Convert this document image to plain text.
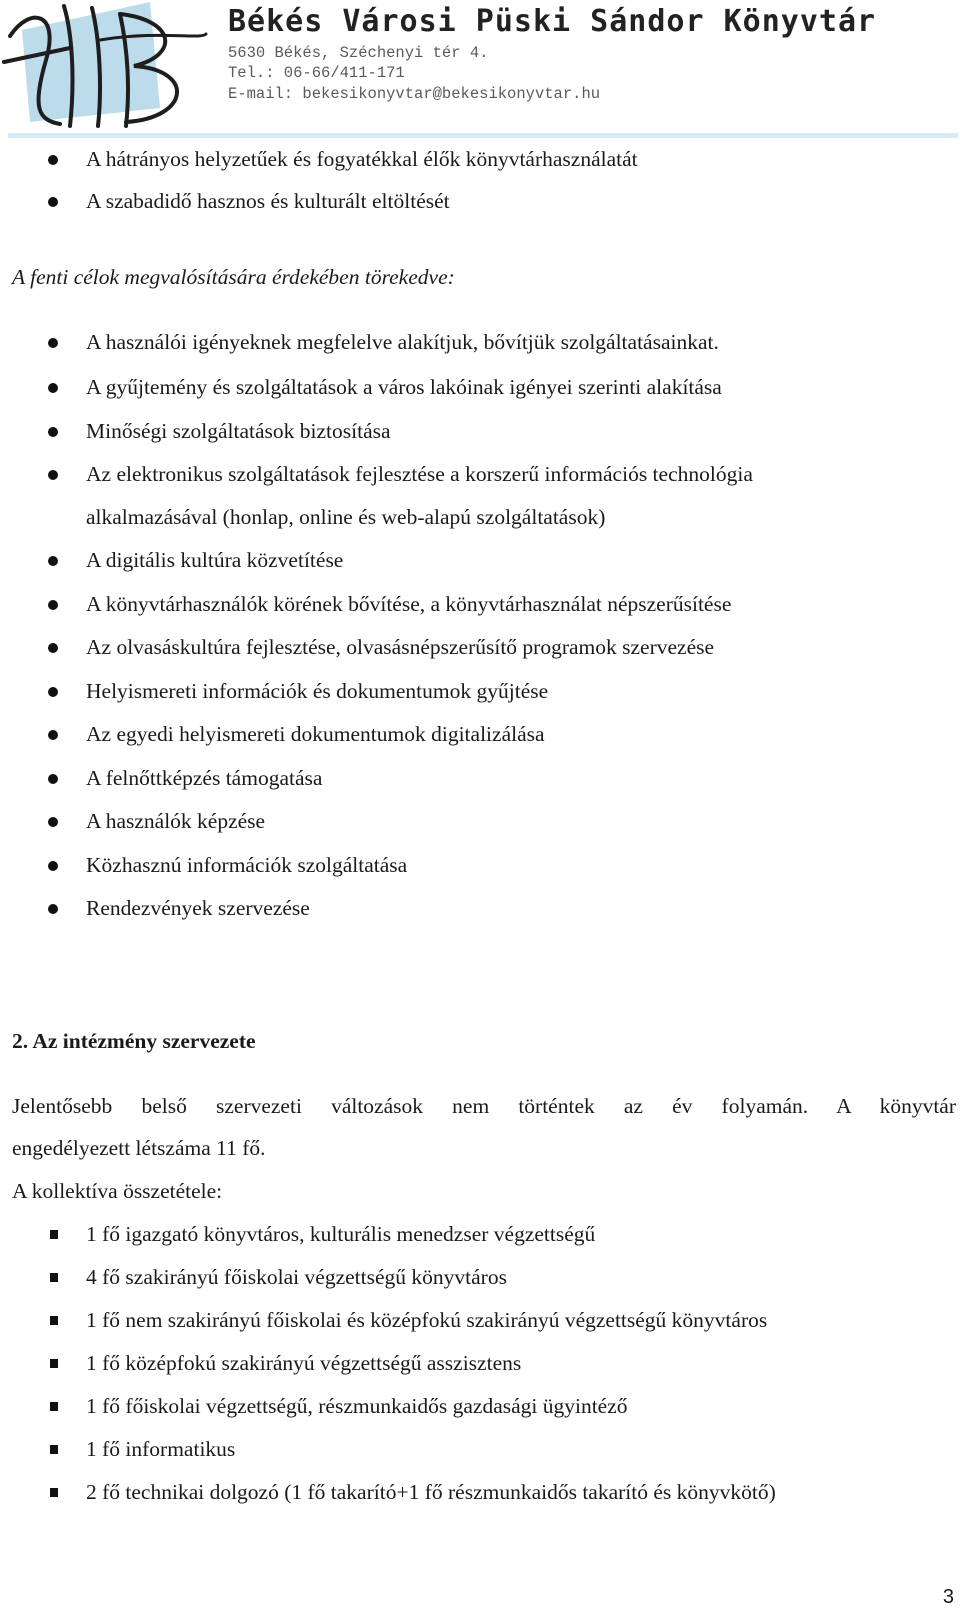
Békés Városi Püski Sándor Könyvtár
5630 Békés, Széchenyi tér 4.
Tel.: 06-66/411-171
E-mail: bekesikonyvtar@bekesikonyvtar.hu
A hátrányos helyzetűek és fogyatékkal élők könyvtárhasználatát
A szabadidő hasznos és kulturált eltöltését
A fenti célok megvalósítására érdekében törekedve:
A használói igényeknek megfelelve alakítjuk, bővítjük szolgáltatásainkat.
A gyűjtemény és szolgáltatások a város lakóinak igényei szerinti alakítása
Minőségi szolgáltatások biztosítása
Az elektronikus szolgáltatások fejlesztése a korszerű információs technológia
alkalmazásával (honlap, online és web-alapú szolgáltatások)
A digitális kultúra közvetítése
A könyvtárhasználók körének bővítése, a könyvtárhasználat népszerűsítése
Az olvasáskultúra fejlesztése, olvasásnépszerűsítő programok szervezése
Helyismereti információk és dokumentumok gyűjtése
Az egyedi helyismereti dokumentumok digitalizálása
A felnőttképzés támogatása
A használók képzése
Közhasznú információk szolgáltatása
Rendezvények szervezése
2. Az intézmény szervezete
Jelentősebb belső szervezeti változások nem történtek az év folyamán. A könyvtár
engedélyezett létszáma 11 fő.
A kollektíva összetétele:
1 fő igazgató könyvtáros, kulturális menedzser végzettségű
4 fő szakirányú főiskolai végzettségű könyvtáros
1 fő nem szakirányú főiskolai és középfokú szakirányú végzettségű könyvtáros
1 fő középfokú szakirányú végzettségű asszisztens
1 fő főiskolai végzettségű, részmunkaidős gazdasági ügyintéző
1 fő informatikus
2 fő technikai dolgozó (1 fő takarító+1 fő részmunkaidős takarító és könyvkötő)
3
